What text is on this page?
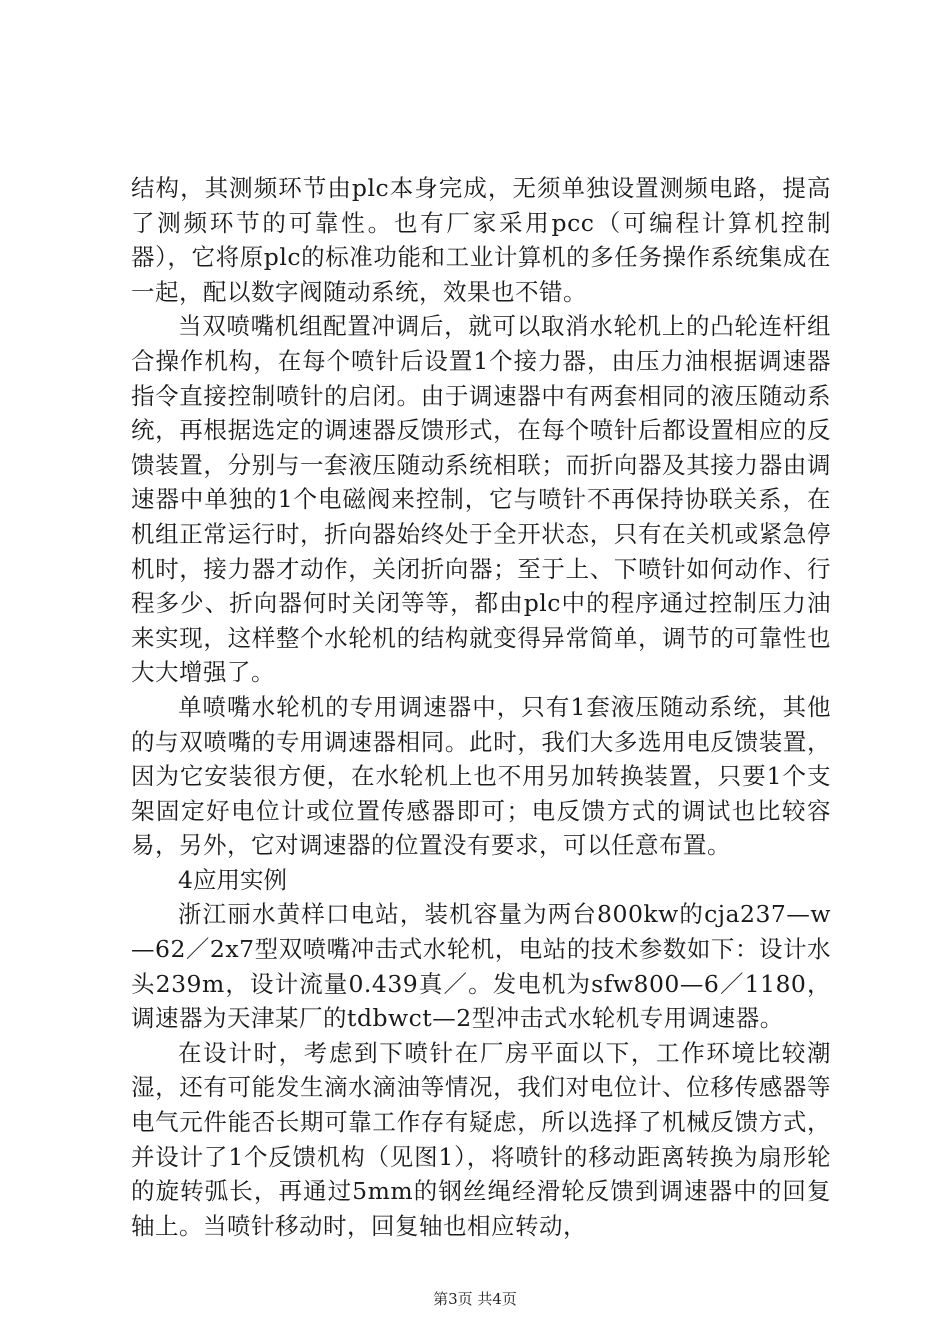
结构，其测频环节由plc本身完成，无须单独设置测频电路，提高了测频环节的可靠性。也有厂家采用pcc（可编程计算机控制器），它将原plc的标准功能和工业计算机的多任务操作系统集成在一起，配以数字阀随动系统，效果也不错。

当双喷嘴机组配置冲调后，就可以取消水轮机上的凸轮连杆组合操作机构，在每个喷针后设置1个接力器，由压力油根据调速器指令直接控制喷针的启闭。由于调速器中有两套相同的液压随动系统，再根据选定的调速器反馈形式，在每个喷针后都设置相应的反馈装置，分别与一套液压随动系统相联；而折向器及其接力器由调速器中单独的1个电磁阀来控制，它与喷针不再保持协联关系，在机组正常运行时，折向器始终处于全开状态，只有在关机或紧急停机时，接力器才动作，关闭折向器；至于上、下喷针如何动作、行程多少、折向器何时关闭等等，都由plc中的程序通过控制压力油来实现，这样整个水轮机的结构就变得异常简单，调节的可靠性也大大增强了。

单喷嘴水轮机的专用调速器中，只有1套液压随动系统，其他的与双喷嘴的专用调速器相同。此时，我们大多选用电反馈装置，因为它安装很方便，在水轮机上也不用另加转换装置，只要1个支架固定好电位计或位置传感器即可；电反馈方式的调试也比较容易，另外，它对调速器的位置没有要求，可以任意布置。

4应用实例

浙江丽水黄样口电站，装机容量为两台800kw的cja237—w—62／2x7型双喷嘴冲击式水轮机，电站的技术参数如下：设计水头239m，设计流量0.439真／。发电机为sfw800—6／1180，调速器为天津某厂的tdbwct—2型冲击式水轮机专用调速器。

在设计时，考虑到下喷针在厂房平面以下，工作环境比较潮湿，还有可能发生滴水滴油等情况，我们对电位计、位移传感器等电气元件能否长期可靠工作存有疑虑，所以选择了机械反馈方式，并设计了1个反馈机构（见图1），将喷针的移动距离转换为扇形轮的旋转弧长，再通过5mm的钢丝绳经滑轮反馈到调速器中的回复轴上。当喷针移动时，回复轴也相应转动，

第3页 共4页
